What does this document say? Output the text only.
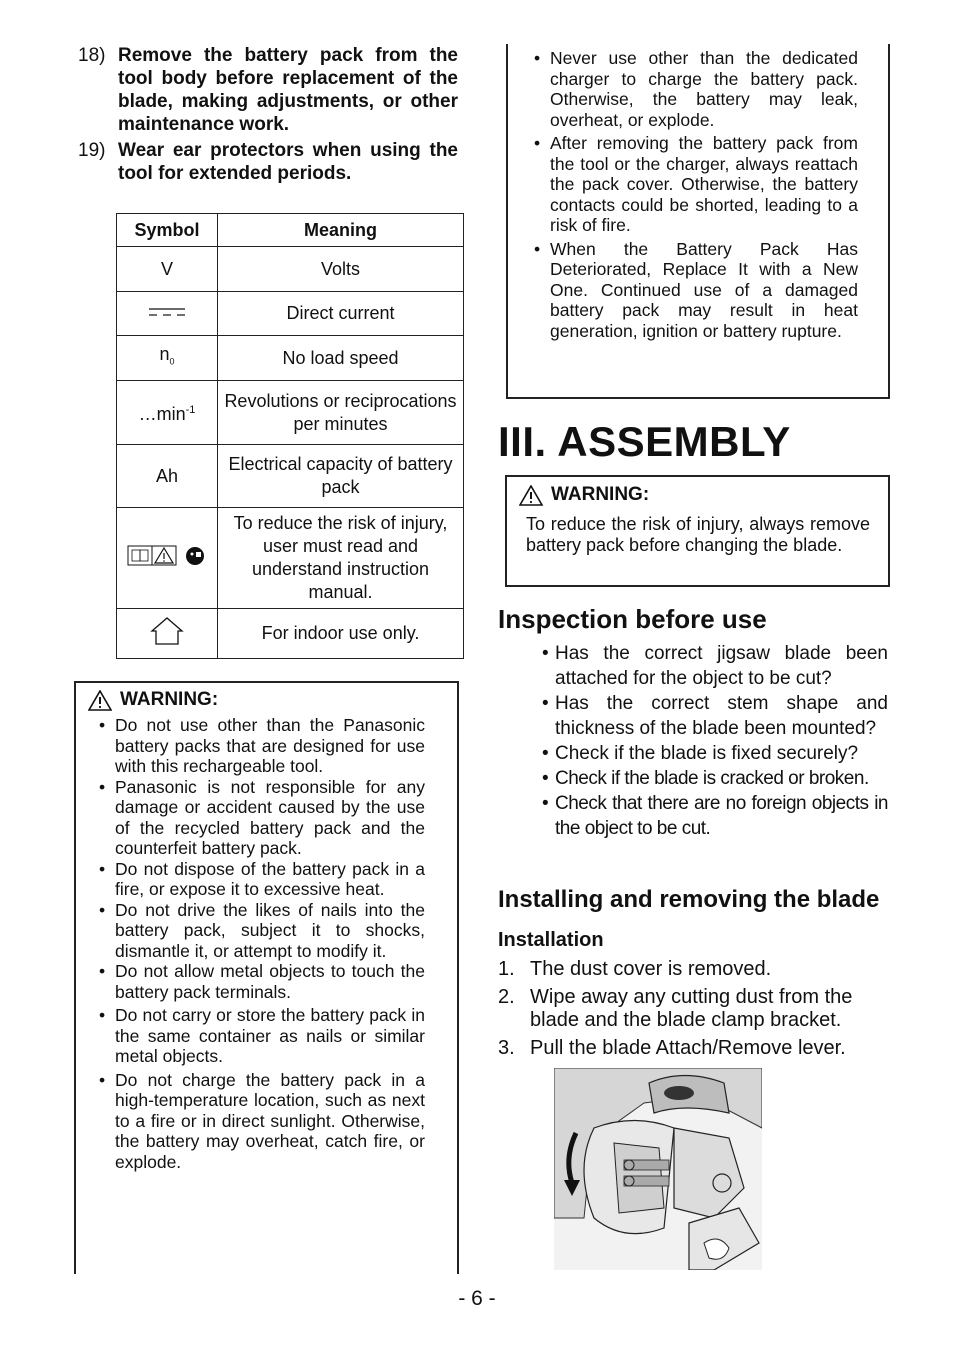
18) Remove the battery pack from the tool body before replacement of the blade, making adjustments, or other maintenance work.
19) Wear ear protectors when using the tool for extended periods.
Symbol	Meaning
V	Volts
	Direct current
$n_0$	No load speed
$\dots\min^{-1}$	Revolutions or reciprocations per minutes
Ah	Electrical capacity of battery pack
	To reduce the risk of injury, user must read and understand instruction manual.
	For indoor use only.
WARNING:
• Do not use other than the Panasonic battery packs that are designed for use with this rechargeable tool.
• Panasonic is not responsible for any damage or accident caused by the use of the recycled battery pack and the counterfeit battery pack.
• Do not dispose of the battery pack in a fire, or expose it to excessive heat.
• Do not drive the likes of nails into the battery pack, subject it to shocks, dismantle it, or attempt to modify it.
• Do not allow metal objects to touch the battery pack terminals.
• Do not carry or store the battery pack in the same container as nails or similar metal objects.
• Do not charge the battery pack in a high-temperature location, such as next to a fire or in direct sunlight. Otherwise, the battery may overheat, catch fire, or explode.
• Never use other than the dedicated charger to charge the battery pack. Otherwise, the battery may leak, overheat, or explode.
• After removing the battery pack from the tool or the charger, always reattach the pack cover. Otherwise, the battery contacts could be shorted, leading to a risk of fire.
• When the Battery Pack Has Deteriorated, Replace It with a New One. Continued use of a damaged battery pack may result in heat generation, ignition or battery rupture.
III. ASSEMBLY
WARNING:
To reduce the risk of injury, always remove battery pack before changing the blade.
Inspection before use
• Has the correct jigsaw blade been attached for the object to be cut?
• Has the correct stem shape and thickness of the blade been mounted?
• Check if the blade is fixed securely?
• Check if the blade is cracked or broken.
• Check that there are no foreign objects in the object to be cut.
Installing and removing the blade
Installation
1. The dust cover is removed.
2. Wipe away any cutting dust from the blade and the blade clamp bracket.
3. Pull the blade Attach/Remove lever.
- 6 -
